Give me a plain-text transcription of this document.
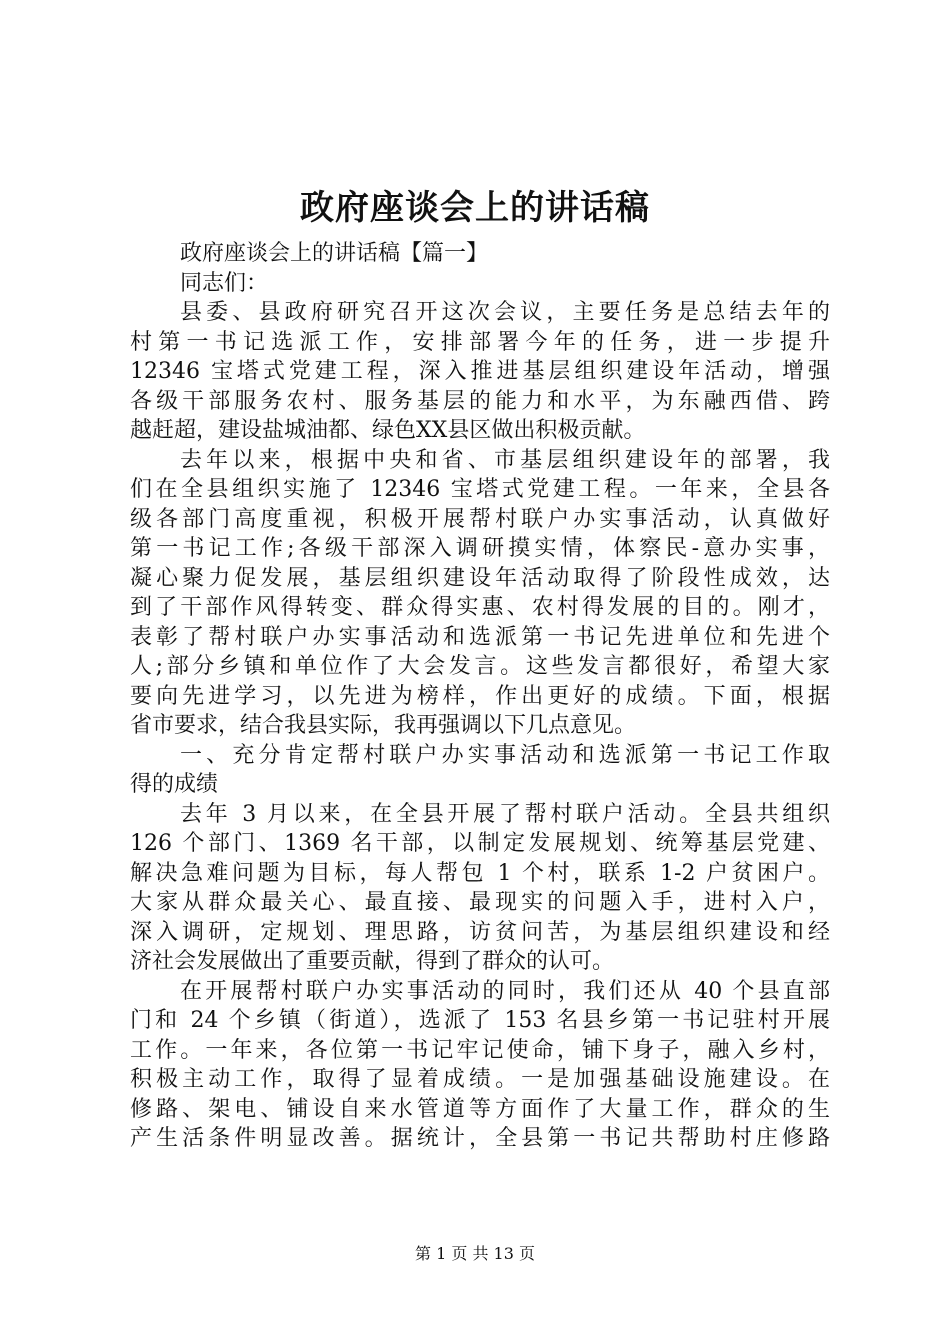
政府座谈会上的讲话稿
政府座谈会上的讲话稿【篇一】
同志们：
县委、县政府研究召开这次会议，主要任务是总结去年的
村第一书记选派工作，安排部署今年的任务，进一步提升
12346 宝塔式党建工程，深入推进基层组织建设年活动，增强
各级干部服务农村、服务基层的能力和水平，为东融西借、跨
越赶超，建设盐城油都、绿色XX县区做出积极贡献。
去年以来，根据中央和省、市基层组织建设年的部署，我
们在全县组织实施了 12346 宝塔式党建工程。一年来，全县各
级各部门高度重视，积极开展帮村联户办实事活动，认真做好
第一书记工作;各级干部深入调研摸实情，体察民-意办实事，
凝心聚力促发展，基层组织建设年活动取得了阶段性成效，达
到了干部作风得转变、群众得实惠、农村得发展的目的。刚才，
表彰了帮村联户办实事活动和选派第一书记先进单位和先进个
人;部分乡镇和单位作了大会发言。这些发言都很好，希望大家
要向先进学习，以先进为榜样，作出更好的成绩。下面，根据
省市要求，结合我县实际，我再强调以下几点意见。
一、充分肯定帮村联户办实事活动和选派第一书记工作取
得的成绩
去年 3 月以来，在全县开展了帮村联户活动。全县共组织
126 个部门、1369 名干部，以制定发展规划、统筹基层党建、
解决急难问题为目标，每人帮包 1 个村，联系 1-2 户贫困户。
大家从群众最关心、最直接、最现实的问题入手，进村入户，
深入调研，定规划、理思路，访贫问苦，为基层组织建设和经
济社会发展做出了重要贡献，得到了群众的认可。
在开展帮村联户办实事活动的同时，我们还从 40 个县直部
门和 24 个乡镇（街道），选派了 153 名县乡第一书记驻村开展
工作。一年来，各位第一书记牢记使命，铺下身子，融入乡村，
积极主动工作，取得了显着成绩。一是加强基础设施建设。在
修路、架电、铺设自来水管道等方面作了大量工作，群众的生
产生活条件明显改善。据统计，全县第一书记共帮助村庄修路
第 1 页 共 13 页
